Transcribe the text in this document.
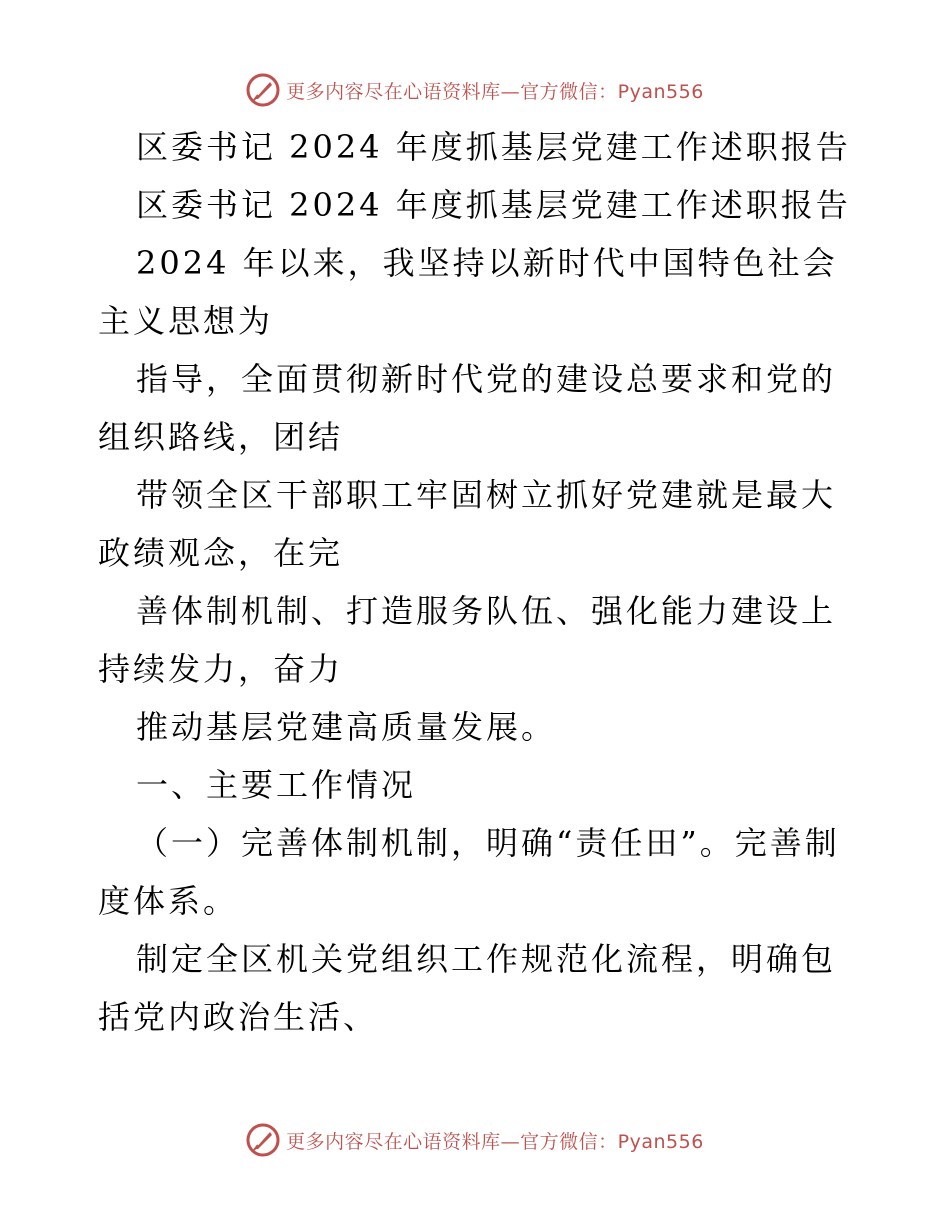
更多内容尽在心语资料库—官方微信：Pyan556

区委书记 2024 年度抓基层党建工作述职报告

区委书记 2024 年度抓基层党建工作述职报告

2024 年以来，我坚持以新时代中国特色社会主义思想为

指导，全面贯彻新时代党的建设总要求和党的组织路线，团结

带领全区干部职工牢固树立抓好党建就是最大政绩观念，在完

善体制机制、打造服务队伍、强化能力建设上持续发力，奋力

推动基层党建高质量发展。

一、主要工作情况

（一）完善体制机制，明确“责任田”。完善制度体系。

制定全区机关党组织工作规范化流程，明确包括党内政治生活、

更多内容尽在心语资料库—官方微信：Pyan556
